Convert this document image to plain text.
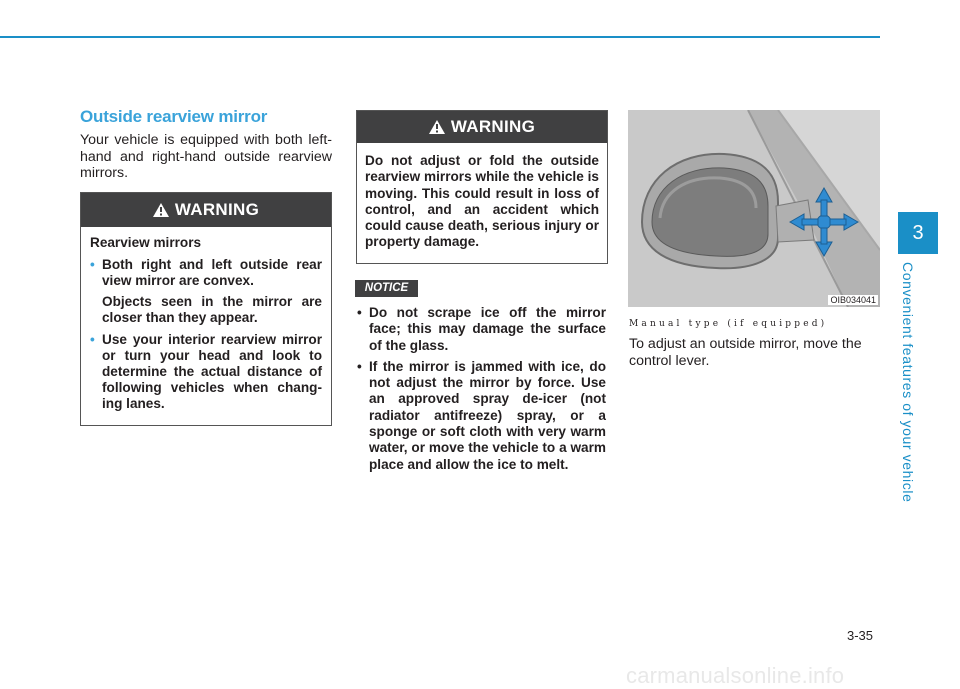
Outside rearview mirror

Your vehicle is equipped with both left-hand and right-hand outside rearview mirrors.

WARNING

Rearview mirrors

• Both right and left outside rear view mirror are convex.

Objects seen in the mirror are closer than they appear.

• Use your interior rearview mirror or turn your head and look to determine the actual distance of following vehicles when chang-ing lanes.

WARNING
Do not adjust or fold the outside rearview mirrors while the vehicle is moving. This could result in loss of control, and an accident which could cause death, serious injury or property damage.
NOTICE
• Do not scrape ice off the mirror face; this may damage the surface of the glass.
• If the mirror is jammed with ice, do not adjust the mirror by force. Use an approved spray de-icer (not radiator antifreeze) spray, or a sponge or soft cloth with very warm water, or move the vehicle to a warm place and allow the ice to melt.
OIB034041

Manual type (if equipped)

To adjust an outside mirror, move the control lever.

3
Convenient features of your vehicle

3-35

carmanualsonline.info
